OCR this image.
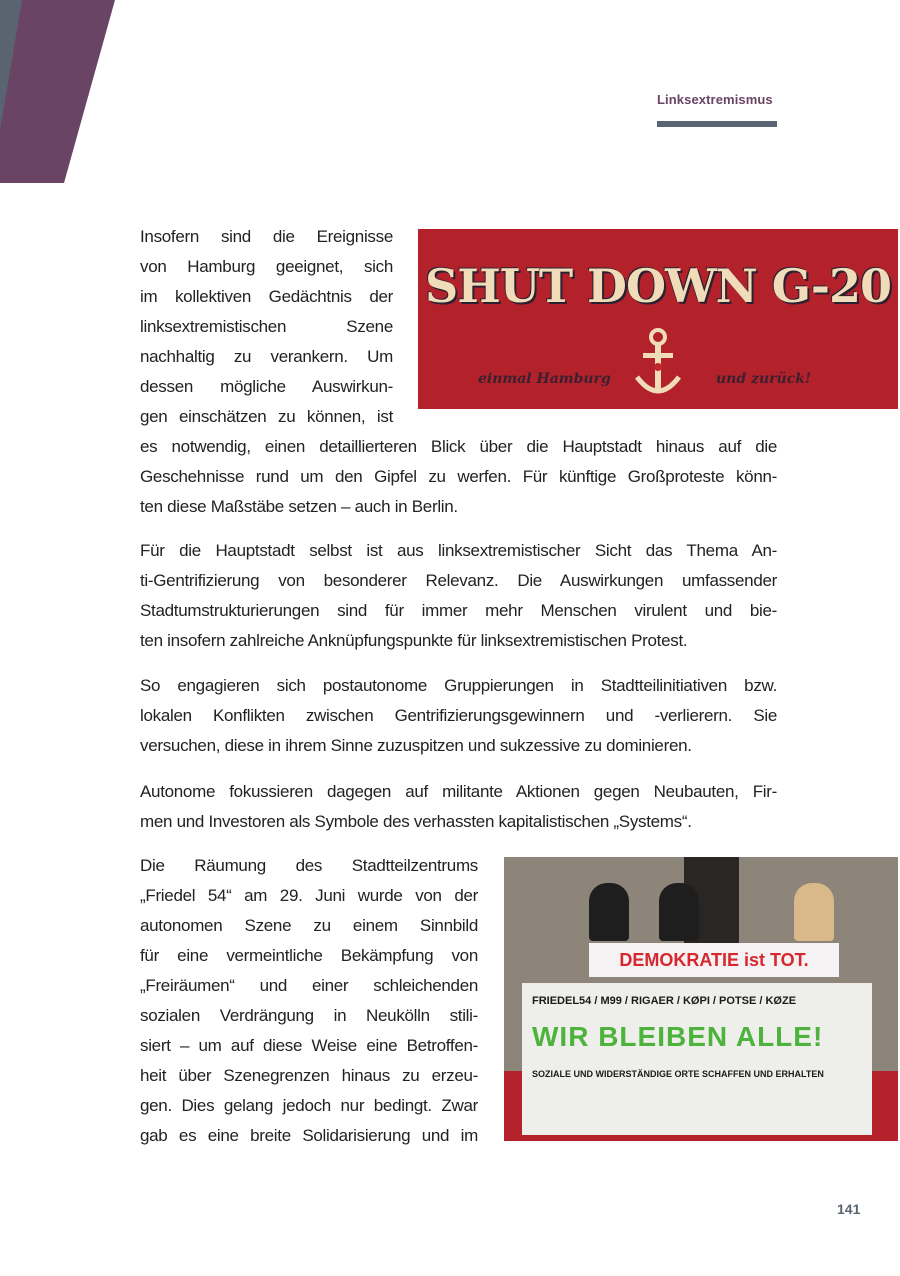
Linksextremismus
SHUT DOWN G-20
einmal Hamburg	und zurück!
DEMOKRATIE ist TOT.
FRIEDEL54 / M99 / RIGAER / KØPI / POTSE / KØZE
WIR BLEIBEN ALLE!
SOZIALE UND WIDERSTÄNDIGE ORTE SCHAFFEN UND ERHALTEN
Insofern sind die Ereignisse
von Hamburg geeignet, sich
im kollektiven Gedächtnis der
linksextremistischen Szene
nachhaltig zu verankern. Um
dessen mögliche Auswirkun-
gen einschätzen zu können, ist
es notwendig, einen detaillierteren Blick über die Hauptstadt hinaus auf die
Geschehnisse rund um den Gipfel zu werfen. Für künftige Großproteste könn-
ten diese Maßstäbe setzen – auch in Berlin.
Für die Hauptstadt selbst ist aus linksextremistischer Sicht das Thema An-
ti-Gentrifizierung von besonderer Relevanz. Die Auswirkungen umfassender
Stadtumstrukturierungen sind für immer mehr Menschen virulent und bie-
ten insofern zahlreiche Anknüpfungspunkte für linksextremistischen Protest.
So engagieren sich postautonome Gruppierungen in Stadtteilinitiativen bzw.
lokalen Konflikten zwischen Gentrifizierungsgewinnern und -verlierern. Sie
versuchen, diese in ihrem Sinne zuzuspitzen und sukzessive zu dominieren.
Autonome fokussieren dagegen auf militante Aktionen gegen Neubauten, Fir-
men und Investoren als Symbole des verhassten kapitalistischen „Systems“.
Die Räumung des Stadtteilzentrums
„Friedel 54“ am 29. Juni wurde von der
autonomen Szene zu einem Sinnbild
für eine vermeintliche Bekämpfung von
„Freiräumen“ und einer schleichenden
sozialen Verdrängung in Neukölln stili-
siert – um auf diese Weise eine Betroffen-
heit über Szenegrenzen hinaus zu erzeu-
gen. Dies gelang jedoch nur bedingt. Zwar
gab es eine breite Solidarisierung und im
141
